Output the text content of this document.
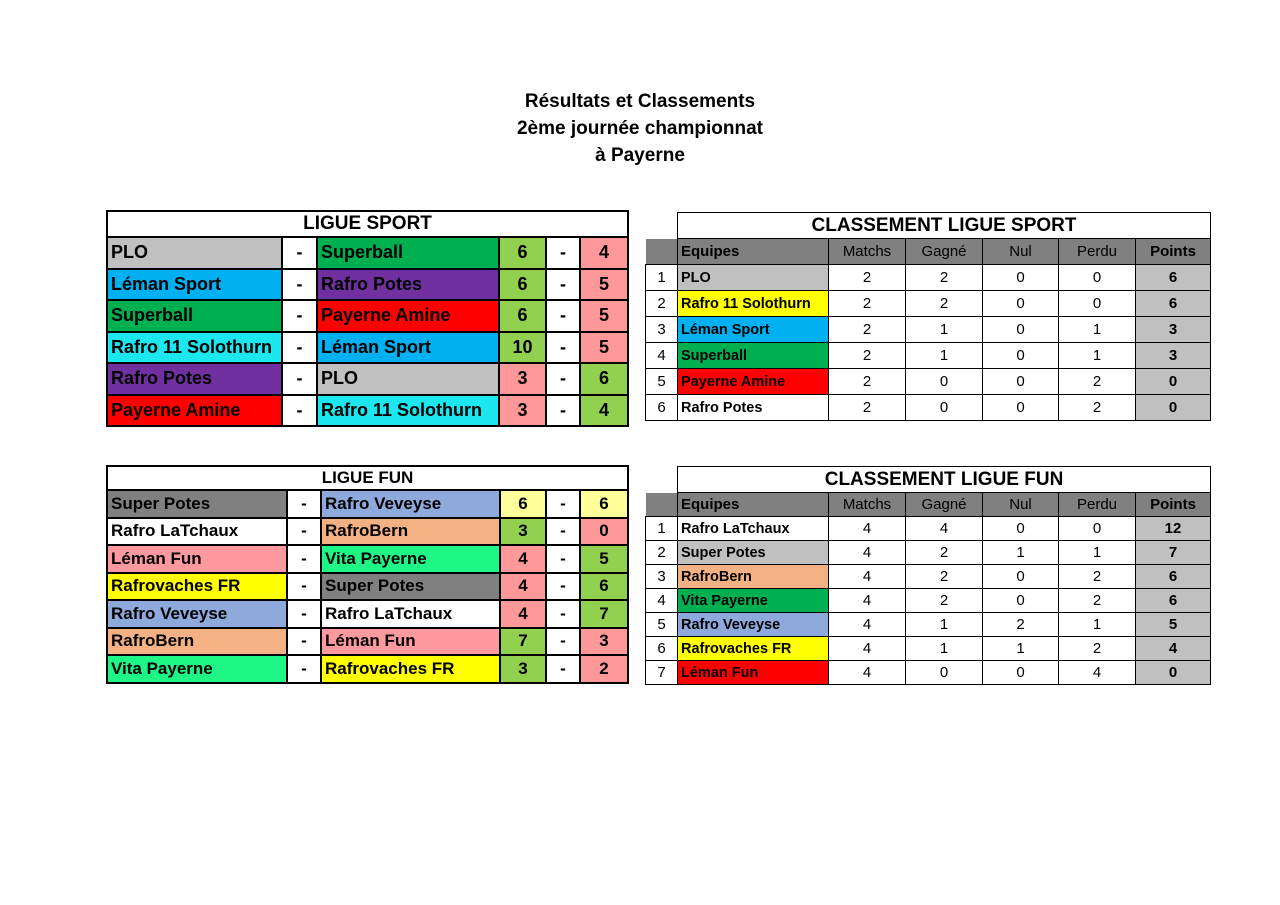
Résultats et Classements
2ème journée championnat
à Payerne
LIGUE SPORT					
PLO	-	Superball	6	-	4
Léman Sport	-	Rafro Potes	6	-	5
Superball	-	Payerne Amine	6	-	5
Rafro 11 Solothurn	-	Léman Sport	10	-	5
Rafro Potes	-	PLO	3	-	6
Payerne Amine	-	Rafro 11 Solothurn	3	-	4
LIGUE FUN					
Super Potes	-	Rafro Veveyse	6	-	6
Rafro LaTchaux	-	RafroBern	3	-	0
Léman Fun	-	Vita Payerne	4	-	5
Rafrovaches FR	-	Super Potes	4	-	6
Rafro Veveyse	-	Rafro LaTchaux	4	-	7
RafroBern	-	Léman Fun	7	-	3
Vita Payerne	-	Rafrovaches FR	3	-	2
	CLASSEMENT LIGUE SPORT					
	Equipes	Matchs	Gagné	Nul	Perdu	Points
1	PLO	2	2	0	0	6
2	Rafro 11 Solothurn	2	2	0	0	6
3	Léman Sport	2	1	0	1	3
4	Superball	2	1	0	1	3
5	Payerne Amine	2	0	0	2	0
6	Rafro Potes	2	0	0	2	0
	CLASSEMENT LIGUE FUN					
	Equipes	Matchs	Gagné	Nul	Perdu	Points
1	Rafro LaTchaux	4	4	0	0	12
2	Super Potes	4	2	1	1	7
3	RafroBern	4	2	0	2	6
4	Vita Payerne	4	2	0	2	6
5	Rafro Veveyse	4	1	2	1	5
6	Rafrovaches FR	4	1	1	2	4
7	Léman Fun	4	0	0	4	0
